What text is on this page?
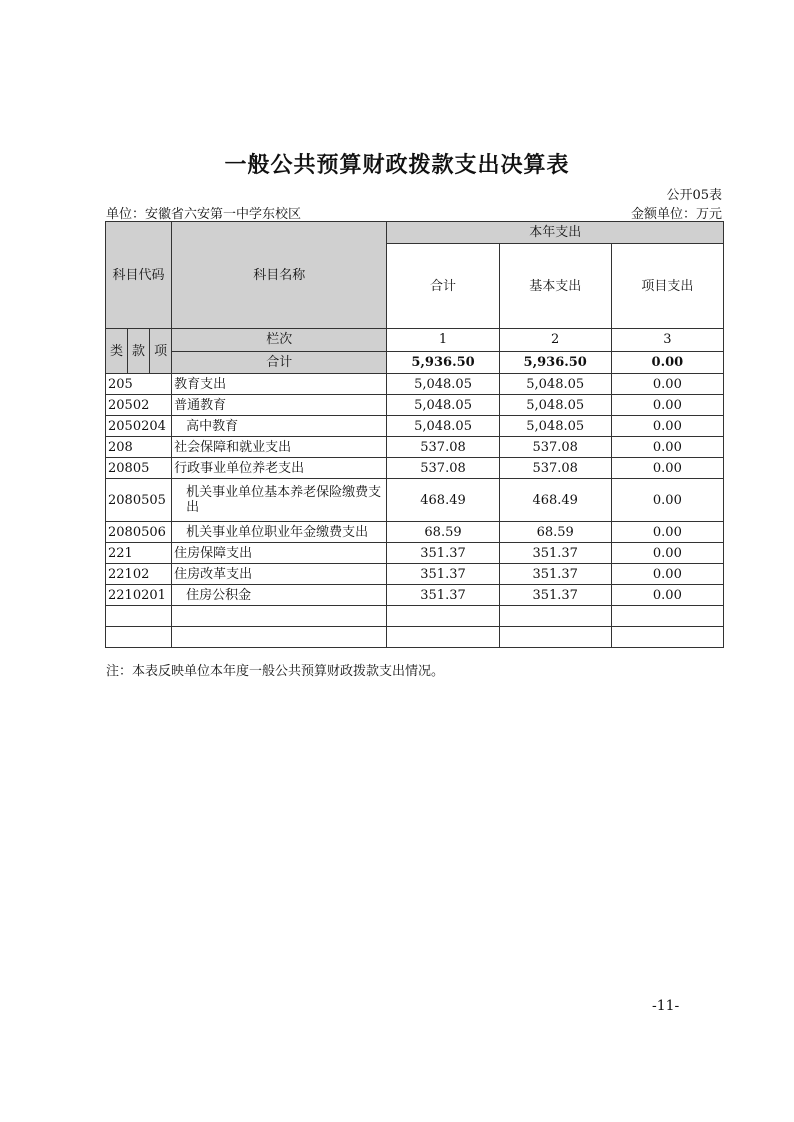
一般公共预算财政拨款支出决算表
公开05表
单位：安徽省六安第一中学东校区	金额单位：万元
科目代码			科目名称	本年支出		
				合计	基本支出	项目支出

类	款	项	栏次	1	2	3
			合计	5,936.50	5,936.50	0.00
205			教育支出	5,048.05	5,048.05	0.00
20502			普通教育	5,048.05	5,048.05	0.00
2050204			高中教育	5,048.05	5,048.05	0.00
208			社会保障和就业支出	537.08	537.08	0.00
20805			行政事业单位养老支出	537.08	537.08	0.00
2080505			机关事业单位基本养老保险缴费支出	468.49	468.49	0.00
2080506			机关事业单位职业年金缴费支出	68.59	68.59	0.00
221			住房保障支出	351.37	351.37	0.00
22102			住房改革支出	351.37	351.37	0.00
2210201			住房公积金	351.37	351.37	0.00

注：本表反映单位本年度一般公共预算财政拨款支出情况。
-11-
